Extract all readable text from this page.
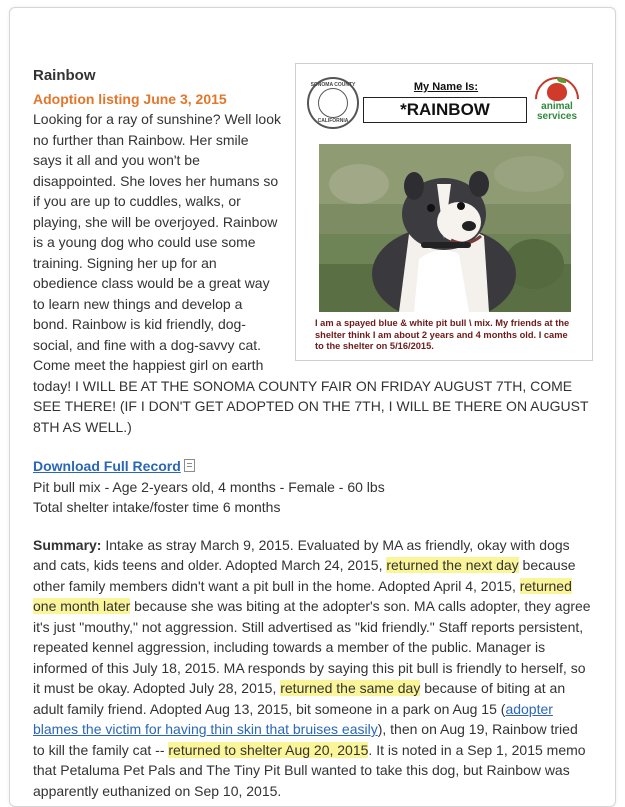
Rainbow
Adoption listing June 3, 2015
SONOMA COUNTY
CALIFORNIA
My Name Is:
*RAINBOW	animal
services
I am a spayed blue & white pit bull \ mix. My friends at the shelter think I am about 2 years and 4 months old. I came to the shelter on 5/16/2015.

Looking for a ray of sunshine? Well look no further than Rainbow. Her smile says it all and you won't be disappointed. She loves her humans so if you are up to cuddles, walks, or playing, she will be overjoyed. Rainbow is a young dog who could use some training. Signing her up for an obedience class would be a great way to learn new things and develop a bond. Rainbow is kid friendly, dog-social, and fine with a dog-savvy cat. Come meet the happiest girl on earth today! I WILL BE AT THE SONOMA COUNTY FAIR ON FRIDAY AUGUST 7TH, COME SEE THERE! (IF I DON'T GET ADOPTED ON THE 7TH, I WILL BE THERE ON AUGUST 8TH AS WELL.)

Download Full Record
Pit bull mix - Age 2-years old, 4 months - Female - 60 lbs
Total shelter intake/foster time 6 months
Summary: Intake as stray March 9, 2015. Evaluated by MA as friendly, okay with dogs and cats, kids teens and older. Adopted March 24, 2015, returned the next day because other family members didn't want a pit bull in the home. Adopted April 4, 2015, returned one month later because she was biting at the adopter's son. MA calls adopter, they agree it's just "mouthy," not aggression. Still advertised as "kid friendly." Staff reports persistent, repeated kennel aggression, including towards a member of the public. Manager is informed of this July 18, 2015. MA responds by saying this pit bull is friendly to herself, so it must be okay. Adopted July 28, 2015, returned the same day because of biting at an adult family friend. Adopted Aug 13, 2015, bit someone in a park on Aug 15 (adopter blames the victim for having thin skin that bruises easily), then on Aug 19, Rainbow tried to kill the family cat -- returned to shelter Aug 20, 2015. It is noted in a Sep 1, 2015 memo that Petaluma Pet Pals and The Tiny Pit Bull wanted to take this dog, but Rainbow was apparently euthanized on Sep 10, 2015.
